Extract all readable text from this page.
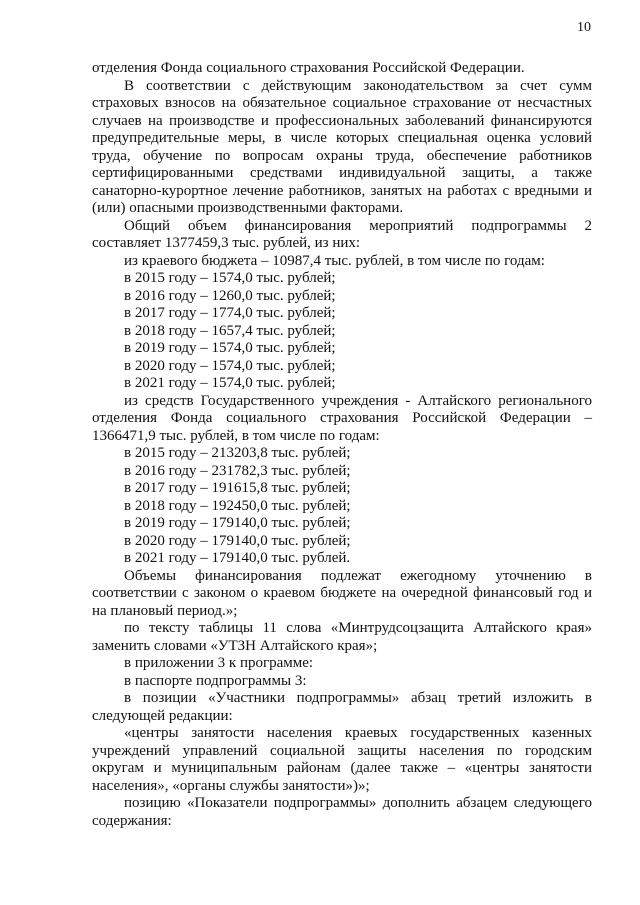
10

отделения Фонда социального страхования Российской Федерации.

В соответствии с действующим законодательством за счет сумм страховых взносов на обязательное социальное страхование от несчастных случаев на производстве и профессиональных заболеваний финансируются предупредительные меры, в числе которых специальная оценка условий труда, обучение по вопросам охраны труда, обеспечение работников сертифицированными средствами индивидуальной защиты, а также санаторно-курортное лечение работников, занятых на работах с вредными и (или) опасными производственными факторами.

Общий объем финансирования мероприятий подпрограммы 2 составляет 1377459,3 тыс. рублей, из них:

из краевого бюджета – 10987,4 тыс. рублей, в том числе по годам:

в 2015 году – 1574,0 тыс. рублей;

в 2016 году – 1260,0 тыс. рублей;

в 2017 году – 1774,0 тыс. рублей;

в 2018 году – 1657,4 тыс. рублей;

в 2019 году – 1574,0 тыс. рублей;

в 2020 году – 1574,0 тыс. рублей;

в 2021 году – 1574,0 тыс. рублей;

из средств Государственного учреждения - Алтайского регионального отделения Фонда социального страхования Российской Федерации – 1366471,9 тыс. рублей, в том числе по годам:

в 2015 году – 213203,8 тыс. рублей;

в 2016 году – 231782,3 тыс. рублей;

в 2017 году – 191615,8 тыс. рублей;

в 2018 году – 192450,0 тыс. рублей;

в 2019 году – 179140,0 тыс. рублей;

в 2020 году – 179140,0 тыс. рублей;

в 2021 году – 179140,0 тыс. рублей.

Объемы финансирования подлежат ежегодному уточнению в соответствии с законом о краевом бюджете на очередной финансовый год и на плановый период.»;

по тексту таблицы 11 слова «Минтрудсоцзащита Алтайского края» заменить словами «УТЗН Алтайского края»;

в приложении 3 к программе:

в паспорте подпрограммы 3:

в позиции «Участники подпрограммы» абзац третий изложить в следующей редакции:

«центры занятости населения краевых государственных казенных учреждений управлений социальной защиты населения по городским округам и муниципальным районам (далее также – «центры занятости населения», «органы службы занятости»)»;

позицию «Показатели подпрограммы» дополнить абзацем следующего содержания:
